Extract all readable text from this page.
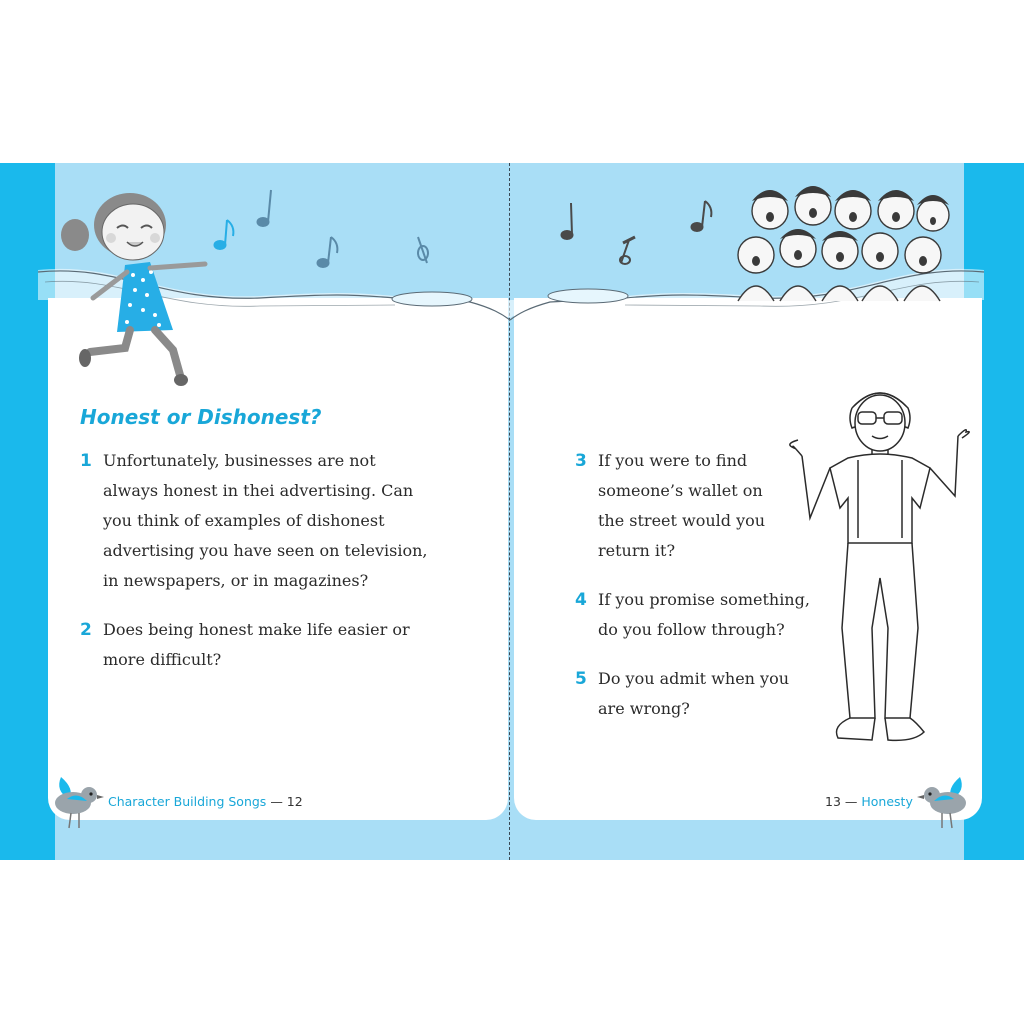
Honest or Dishonest?
1 Unfortunately, businesses are not
always honest in thei advertising. Can
you think of examples of dishonest
advertising you have seen on television,
in newspapers, or in magazines?
2 Does being honest make life easier or
more difficult?
3 If you were to find
someone’s wallet on
the street would you
return it?
4 If you promise something,
do you follow through?
5 Do you admit when you
are wrong?
Character Building Songs — 12	13 — Honesty
